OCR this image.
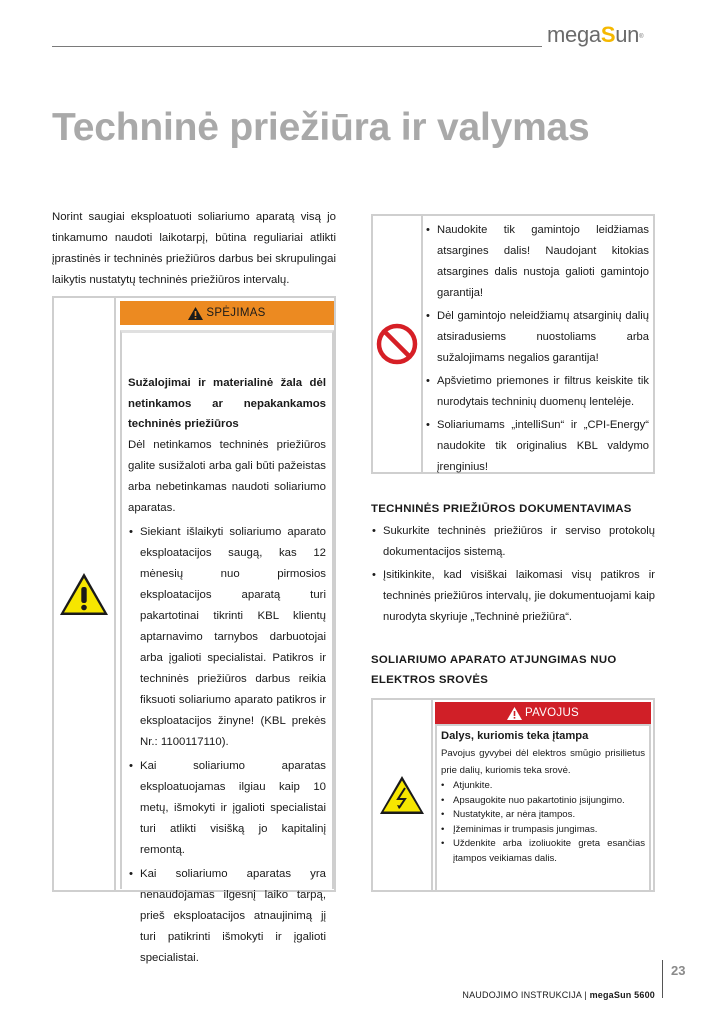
megaSun®
Techninė priežiūra ir valymas

Norint saugiai eksploatuoti soliariumo aparatą visą jo tinkamumo naudoti laikotarpį, būtina reguliariai atlikti įprastinės ir techninės priežiūros darbus bei skrupulingai laikytis nustatytų techninės priežiūros intervalų.

SPĖJIMAS
Sužalojimai ir materialinė žala dėl netinkamos ar nepakankamos techninės priežiūros

Dėl netinkamos techninės priežiūros galite susižaloti arba gali būti pažeistas arba nebetinkamas naudoti soliariumo aparatas.

• Siekiant išlaikyti soliariumo aparato eksploatacijos saugą, kas 12 mėnesių nuo pirmosios eksploatacijos aparatą turi pakartotinai tikrinti KBL klientų aptarnavimo tarnybos darbuotojai arba įgalioti specialistai. Patikros ir techninės priežiūros darbus reikia fiksuoti soliariumo aparato patikros ir eksploatacijos žinyne! (KBL prekės Nr.: 1100117110).
• Kai soliariumo aparatas eksploatuojamas ilgiau kaip 10 metų, išmokyti ir įgalioti specialistai turi atlikti visišką jo kapitalinį remontą.
• Kai soliariumo aparatas yra nenaudojamas ilgesnį laiko tarpą, prieš eksploatacijos atnaujinimą jį turi patikrinti išmokyti ir įgalioti specialistai.
• Naudokite tik gamintojo leidžiamas atsargines dalis! Naudojant kitokias atsargines dalis nustoja galioti gamintojo garantija!
• Dėl gamintojo neleidžiamų atsarginių dalių atsiradusiems nuostoliams arba sužalojimams negalios garantija!
• Apšvietimo priemones ir filtrus keiskite tik nurodytais techninių duomenų lentelėje.
• Soliariumams „intelliSun“ ir „CPI-Energy“ naudokite tik originalius KBL valdymo įrenginius!
TECHNINĖS PRIEŽIŪROS DOKUMENTAVIMAS
• Sukurkite techninės priežiūros ir serviso protokolų dokumentacijos sistemą.
• Įsitikinkite, kad visiškai laikomasi visų patikros ir techninės priežiūros intervalų, jie dokumentuojami kaip nurodyta skyriuje „Techninė priežiūra“.
SOLIARIUMO APARATO ATJUNGIMAS NUO ELEKTROS SROVĖS
PAVOJUS
Dalys, kuriomis teka įtampa

Pavojus gyvybei dėl elektros smūgio prisilietus prie dalių, kuriomis teka srovė.

• Atjunkite.
• Apsaugokite nuo pakartotinio įsijungimo.
• Nustatykite, ar nėra įtampos.
• Įžeminimas ir trumpasis jungimas.
• Uždenkite arba izoliuokite greta esančias įtampos veikiamas dalis.
NAUDOJIMO INSTRUKCIJA | megaSun 5600
23
